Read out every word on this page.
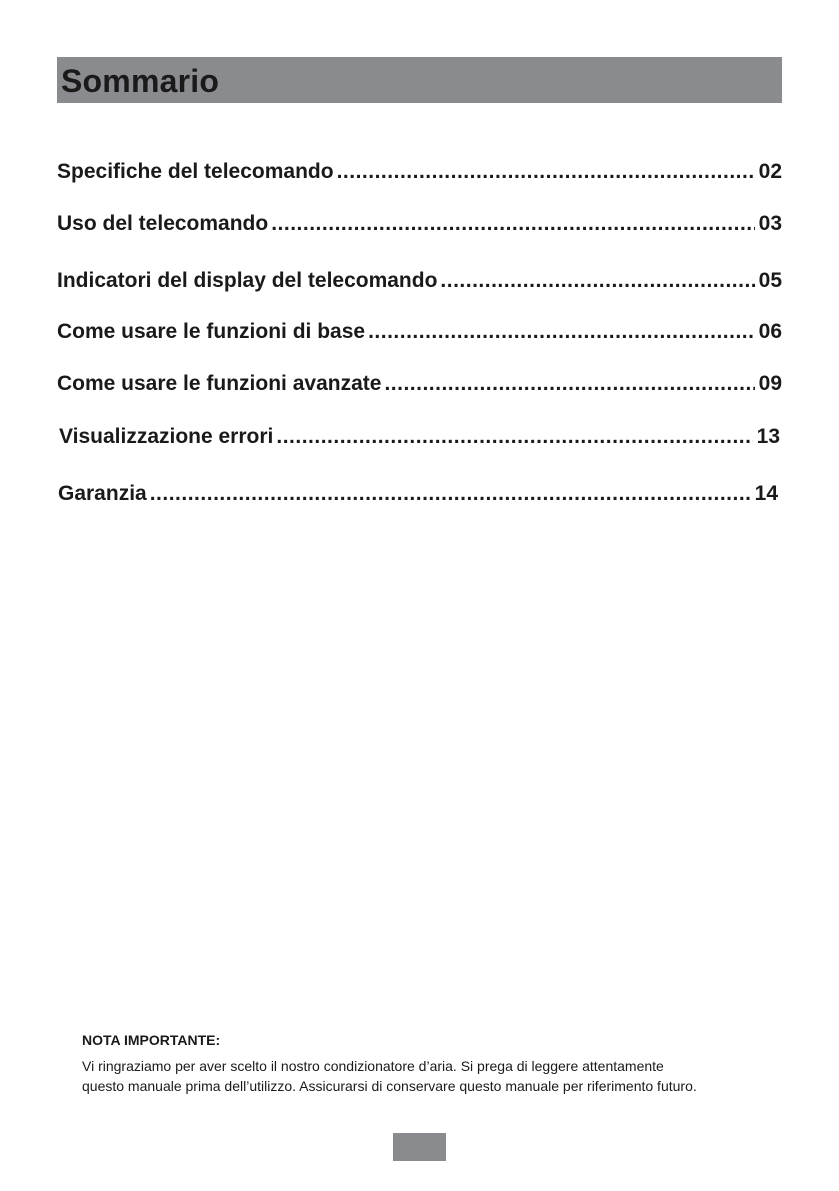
Sommario
Specifiche del telecomando .....	02
Uso del telecomando .....	03
Indicatori del display del telecomando .....	05
Come usare le funzioni di base .....	06
Come usare le funzioni avanzate .....	09
Visualizzazione errori .....	13
Garanzia .....	14
NOTA IMPORTANTE:
Vi ringraziamo per aver scelto il nostro condizionatore d’aria. Si prega di leggere attentamente
questo manuale prima dell’utilizzo. Assicurarsi di conservare questo manuale per riferimento futuro.
